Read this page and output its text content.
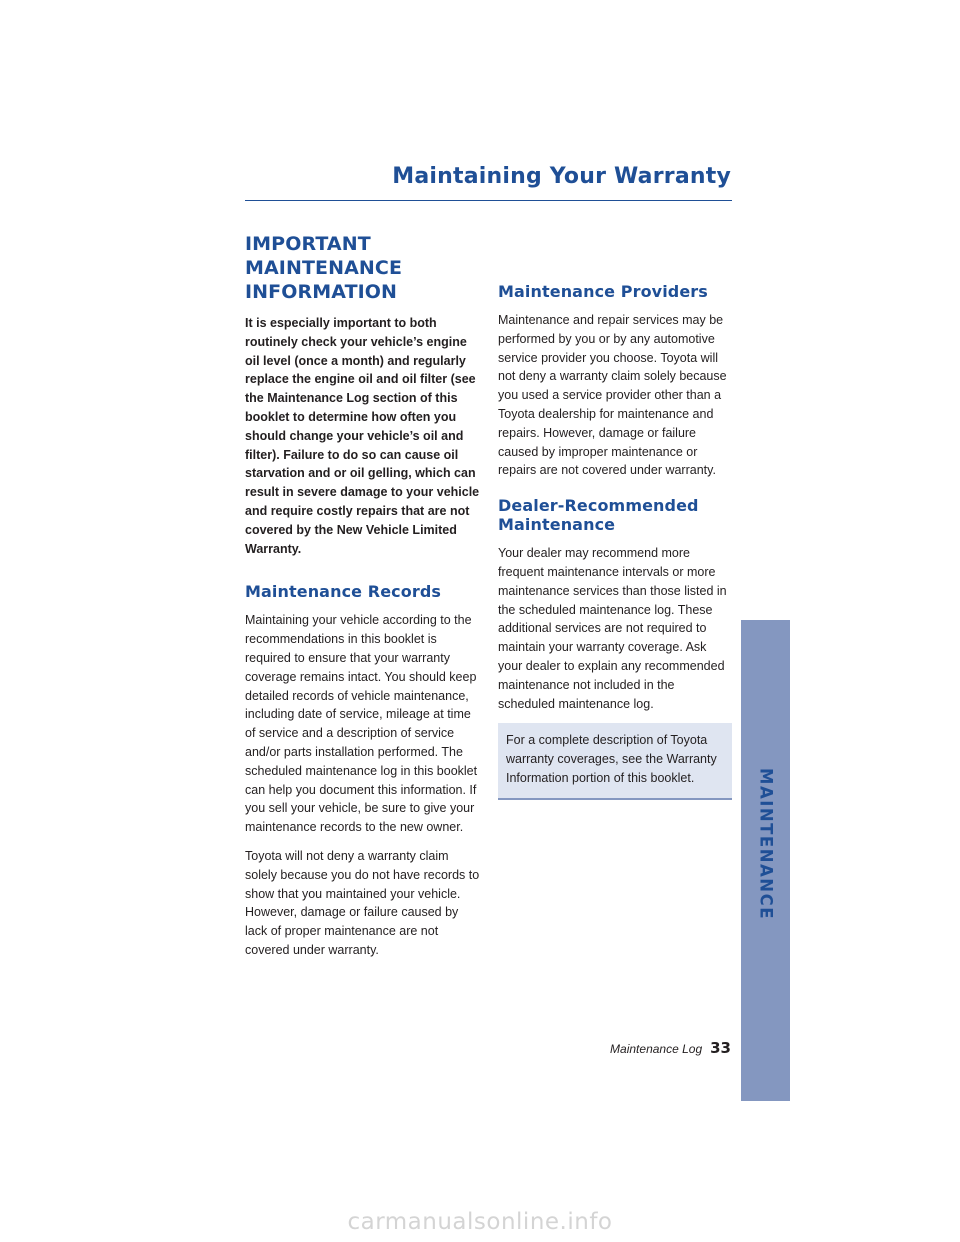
Maintaining Your Warranty
IMPORTANT MAINTENANCE INFORMATION

It is especially important to both routinely check your vehicle’s engine oil level (once a month) and regularly replace the engine oil and oil filter (see the Maintenance Log section of this booklet to determine how often you should change your vehicle’s oil and filter). Failure to do so can cause oil starvation and or oil gelling, which can result in severe damage to your vehicle and require costly repairs that are not covered by the New Vehicle Limited Warranty.

Maintenance Records

Maintaining your vehicle according to the recommendations in this booklet is required to ensure that your warranty coverage remains intact. You should keep detailed records of vehicle maintenance, including date of service, mileage at time of service and a description of service and/or parts installation performed. The scheduled maintenance log in this booklet can help you document this information. If you sell your vehicle, be sure to give your maintenance records to the new owner.

Toyota will not deny a warranty claim solely because you do not have records to show that you maintained your vehicle. However, damage or failure caused by lack of proper maintenance are not covered under warranty.

Maintenance Providers

Maintenance and repair services may be performed by you or by any automotive service provider you choose. Toyota will not deny a warranty claim solely because you used a service provider other than a Toyota dealership for maintenance and repairs. However, damage or failure caused by improper maintenance or repairs are not covered under warranty.

Dealer-Recommended Maintenance

Your dealer may recommend more frequent maintenance intervals or more maintenance services than those listed in the scheduled maintenance log. These additional services are not required to maintain your warranty coverage. Ask your dealer to explain any recommended maintenance not included in the scheduled maintenance log.

For a complete description of Toyota warranty coverages, see the Warranty Information portion of this booklet.	MAINTENANCE
Maintenance Log 33
carmanualsonline.info
